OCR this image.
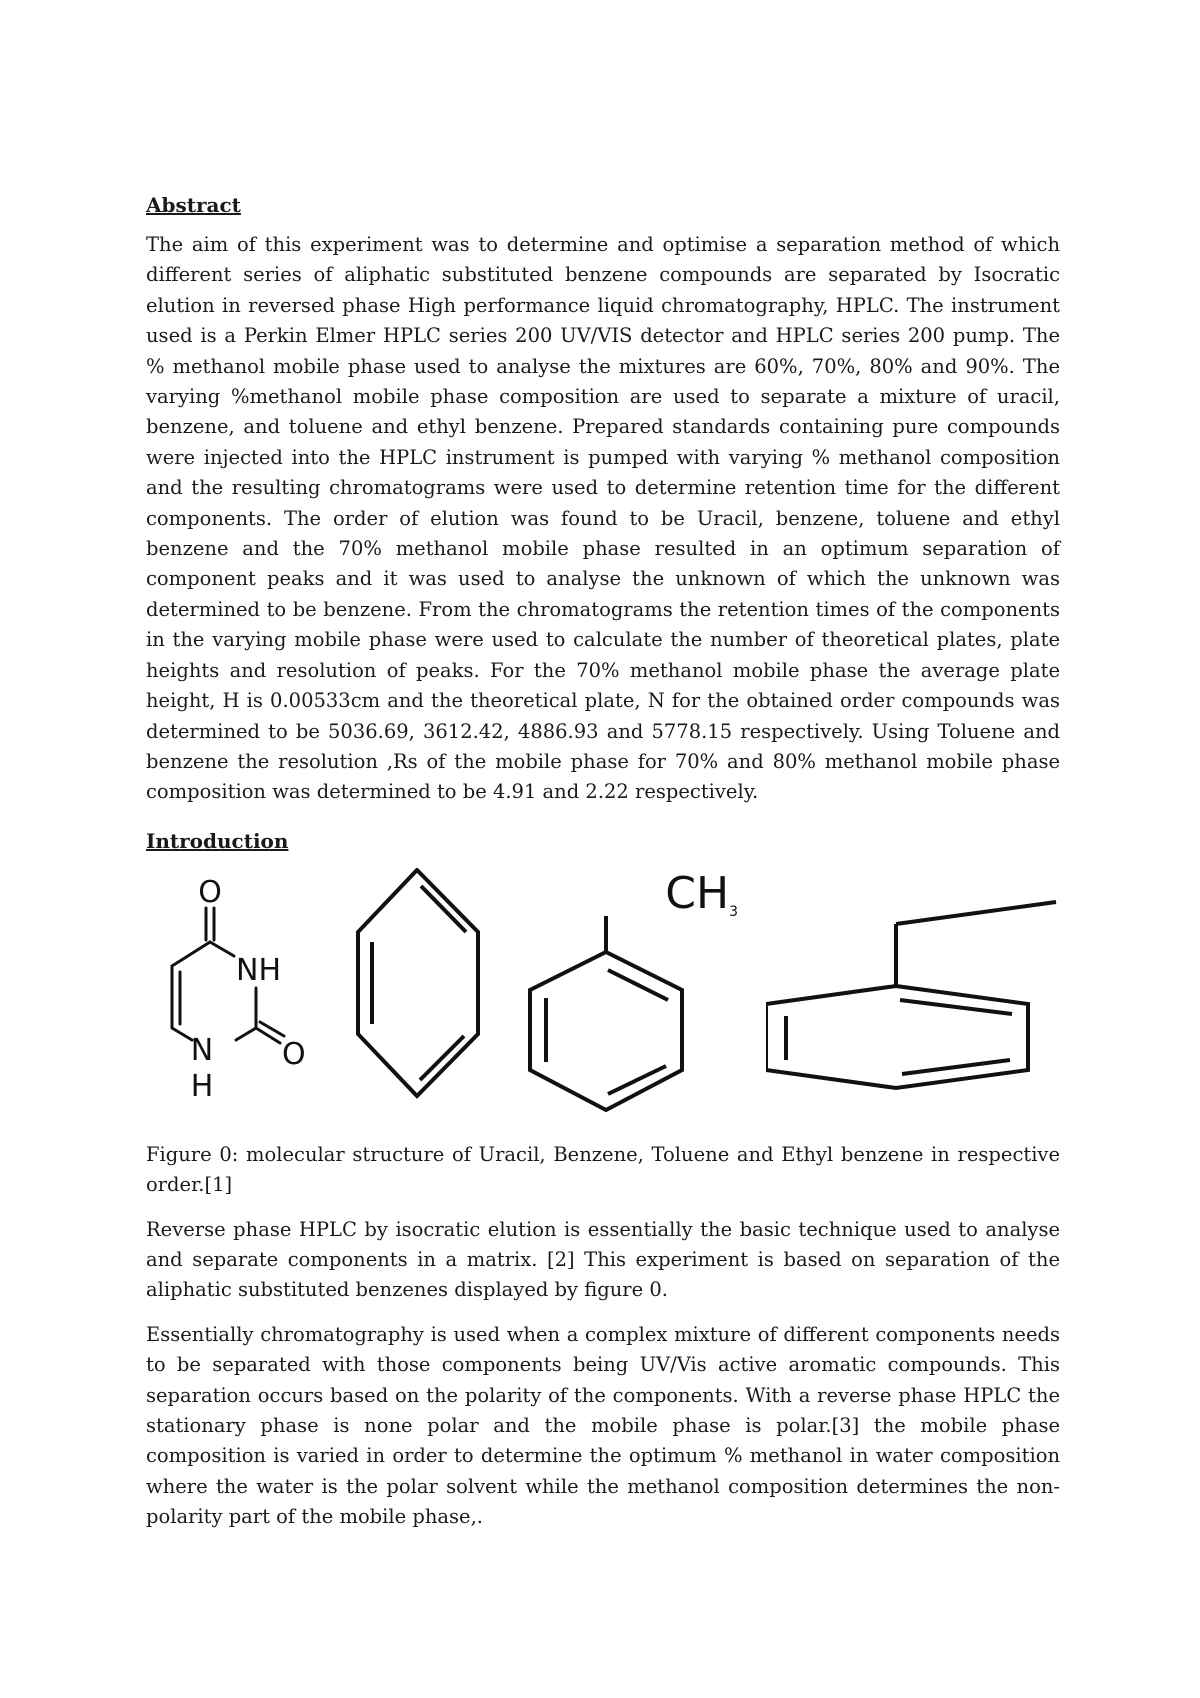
Abstract

The aim of this experiment was to determine and optimise a separation method of which different series of aliphatic substituted benzene compounds are separated by Isocratic elution in reversed phase High performance liquid chromatography, HPLC. The instrument used is a Perkin Elmer HPLC series 200 UV/VIS detector and HPLC series 200 pump. The % methanol mobile phase used to analyse the mixtures are 60%, 70%, 80% and 90%. The varying %methanol mobile phase composition are used to separate a mixture of uracil, benzene, and toluene and ethyl benzene. Prepared standards containing pure compounds were injected into the HPLC instrument is pumped with varying % methanol composition and the resulting chromatograms were used to determine retention time for the different components. The order of elution was found to be Uracil, benzene, toluene and ethyl benzene and the 70% methanol mobile phase resulted in an optimum separation of component peaks and it was used to analyse the unknown of which the unknown was determined to be benzene. From the chromatograms the retention times of the components in the varying mobile phase were used to calculate the number of theoretical plates, plate heights and resolution of peaks. For the 70% methanol mobile phase the average plate height, H is 0.00533cm and the theoretical plate, N for the obtained order compounds was determined to be 5036.69, 3612.42, 4886.93 and 5778.15 respectively. Using Toluene and benzene the resolution ,Rs of the mobile phase for 70% and 80% methanol mobile phase composition was determined to be 4.91 and 2.22 respectively.

Introduction
O
NH
N
H
O
CH3

Figure 0: molecular structure of Uracil, Benzene, Toluene and Ethyl benzene in respective order.[1]

Reverse phase HPLC by isocratic elution is essentially the basic technique used to analyse and separate components in a matrix. [2] This experiment is based on separation of the aliphatic substituted benzenes displayed by figure 0.

Essentially chromatography is used when a complex mixture of different components needs to be separated with those components being UV/Vis active aromatic compounds. This separation occurs based on the polarity of the components. With a reverse phase HPLC the stationary phase is none polar and the mobile phase is polar.[3] the mobile phase composition is varied in order to determine the optimum % methanol in water composition where the water is the polar solvent while the methanol composition determines the non-polarity part of the mobile phase,.
